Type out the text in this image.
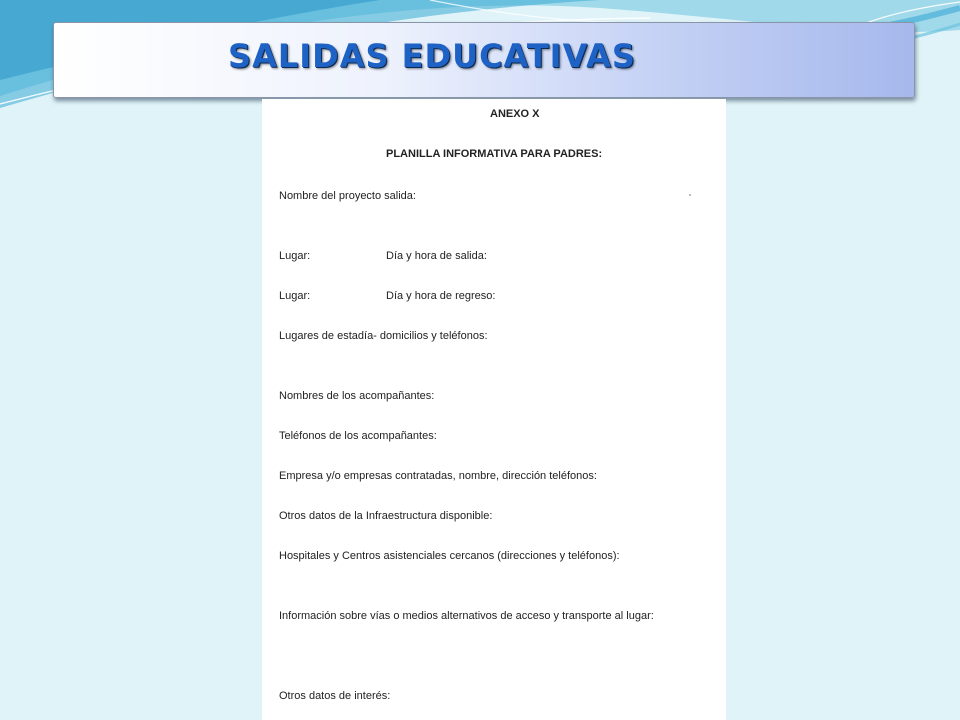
SALIDAS EDUCATIVAS
ANEXO X
PLANILLA INFORMATIVA PARA PADRES:
Nombre del proyecto salida:
Lugar:	Día y hora de salida:
Lugar:	Día y hora de regreso:
Lugares de estadía- domicilios y teléfonos:
Nombres de los acompañantes:
Teléfonos de los acompañantes:
Empresa y/o empresas contratadas, nombre, dirección teléfonos:
Otros datos de la Infraestructura disponible:
Hospitales y Centros asistenciales cercanos (direcciones y teléfonos):
Información sobre vías o medios alternativos de acceso y transporte al lugar:
Otros datos de interés:
